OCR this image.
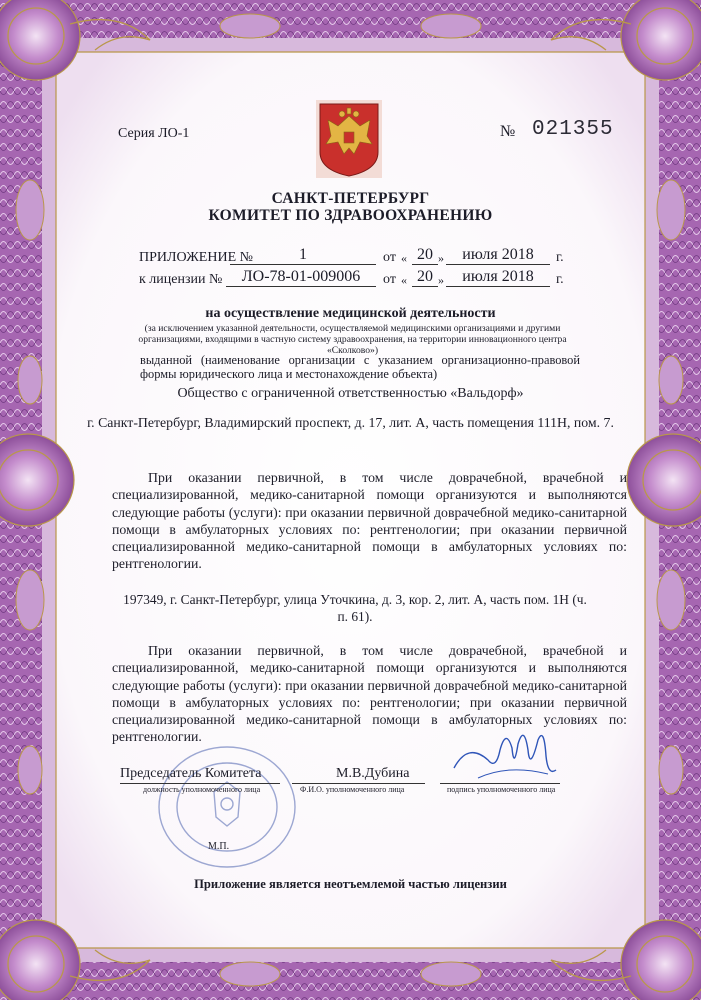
Серия ЛО-1	№ 021355
САНКТ-ПЕТЕРБУРГ
КОМИТЕТ ПО ЗДРАВООХРАНЕНИЮ
ПРИЛОЖЕНИЕ №	1	от « 20 »	июля 2018	г.
к лицензии №	ЛО-78-01-009006	от « 20 »	июля 2018	г.
на осуществление медицинской деятельности
(за исключением указанной деятельности, осуществляемой медицинскими организациями и другими организациями, входящими в частную систему здравоохранения, на территории инновационного центра «Сколково»)
выданной (наименование организации с указанием организационно-правовой формы юридического лица и местонахождение объекта)
Общество с ограниченной ответственностью «Вальдорф»
г. Санкт-Петербург, Владимирский проспект, д. 17, лит. А, часть помещения 111Н, пом. 7.

При оказании первичной, в том числе доврачебной, врачебной и специализированной, медико-санитарной помощи организуются и выполняются следующие работы (услуги): при оказании первичной доврачебной медико-санитарной помощи в амбулаторных условиях по: рентгенологии; при оказании первичной специализированной медико-санитарной помощи в амбулаторных условиях по: рентгенологии.

197349, г. Санкт-Петербург, улица Уточкина, д. 3, кор. 2, лит. А, часть пом. 1Н (ч. п. 61).

При оказании первичной, в том числе доврачебной, врачебной и специализированной, медико-санитарной помощи организуются и выполняются следующие работы (услуги): при оказании первичной доврачебной медико-санитарной помощи в амбулаторных условиях по: рентгенологии; при оказании первичной специализированной медико-санитарной помощи в амбулаторных условиях по: рентгенологии.

Председатель Комитета	М.В.Дубина
должность уполномоченного лица	Ф.И.О. уполномоченного лица	подпись уполномоченного лица
М.П.
Приложение является неотъемлемой частью лицензии
